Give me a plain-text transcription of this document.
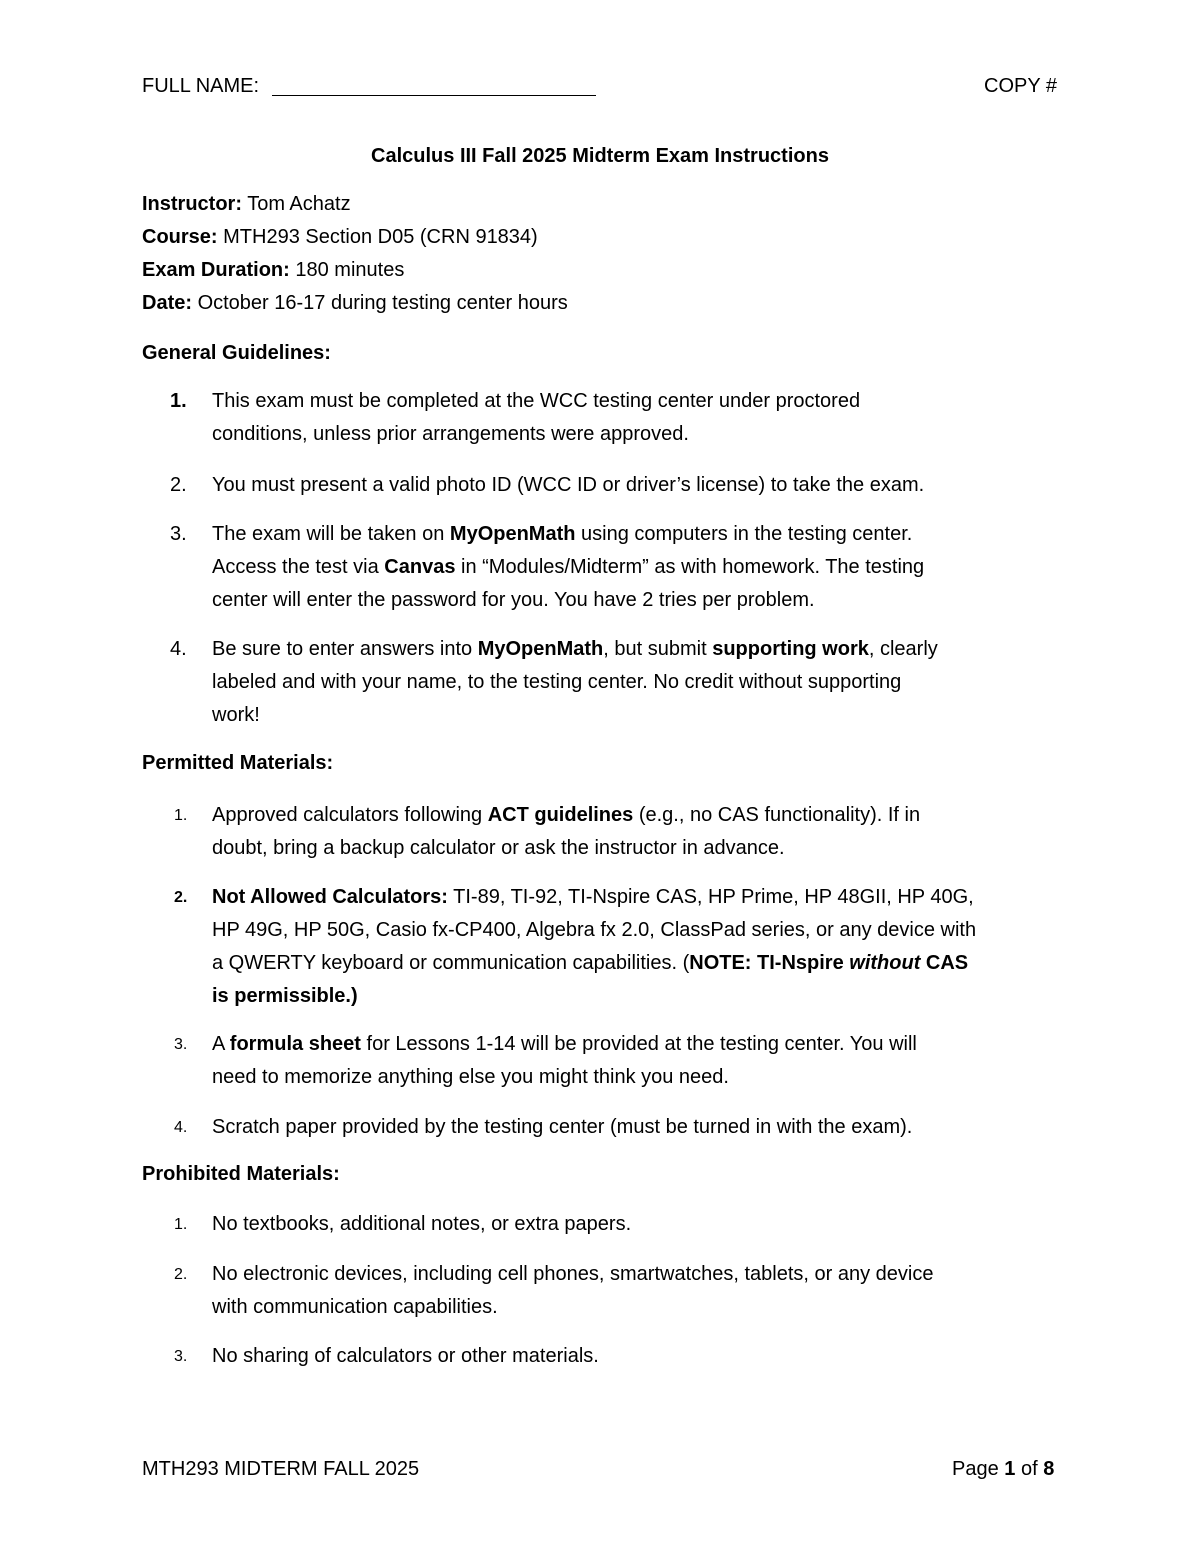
FULL NAME:	COPY #
Calculus III Fall 2025 Midterm Exam Instructions
Instructor: Tom Achatz
Course: MTH293 Section D05 (CRN 91834)
Exam Duration: 180 minutes
Date: October 16-17 during testing center hours
General Guidelines:
1. This exam must be completed at the WCC testing center under proctored
conditions, unless prior arrangements were approved.
2. You must present a valid photo ID (WCC ID or driver’s license) to take the exam.
3. The exam will be taken on MyOpenMath using computers in the testing center.
Access the test via Canvas in “Modules/Midterm” as with homework. The testing
center will enter the password for you. You have 2 tries per problem.
4. Be sure to enter answers into MyOpenMath, but submit supporting work, clearly
labeled and with your name, to the testing center. No credit without supporting
work!
Permitted Materials:
1. Approved calculators following ACT guidelines (e.g., no CAS functionality). If in
doubt, bring a backup calculator or ask the instructor in advance.
2. Not Allowed Calculators: TI-89, TI-92, TI-Nspire CAS, HP Prime, HP 48GII, HP 40G,
HP 49G, HP 50G, Casio fx-CP400, Algebra fx 2.0, ClassPad series, or any device with
a QWERTY keyboard or communication capabilities. (NOTE: TI-Nspire without CAS
is permissible.)
3. A formula sheet for Lessons 1-14 will be provided at the testing center. You will
need to memorize anything else you might think you need.
4. Scratch paper provided by the testing center (must be turned in with the exam).
Prohibited Materials:
1. No textbooks, additional notes, or extra papers.
2. No electronic devices, including cell phones, smartwatches, tablets, or any device
with communication capabilities.
3. No sharing of calculators or other materials.
MTH293 MIDTERM FALL 2025	Page 1 of 8
